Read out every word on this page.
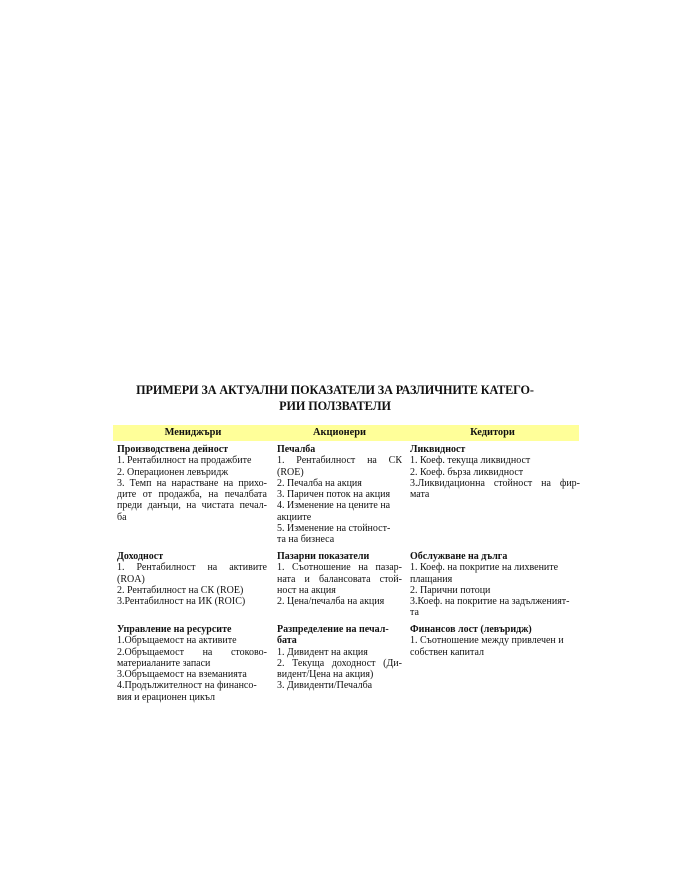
ПРИМЕРИ ЗА АКТУАЛНИ ПОКАЗАТЕЛИ ЗА РАЗЛИЧНИТЕ КАТЕГО-
РИИ ПОЛЗВАТЕЛИ
Мениджъри	Акционери	Кедитори
Производствена дейност
1. Рентабилност на продажбите
2. Операционен левъридж
3. Темп на нарастване на прихо-
дите от продажба, на печалбата
преди данъци, на чистата печал-
ба
Доходност
1. Рентабилност на активите
(ROA)
2. Рентабилност на СК (ROE)
3.Рентабилност на ИК (ROIC)
Управление на ресурсите
1.Обръщаемост на активите
2.Обръщаемост на стоково-
материаланите запаси
3.Обръщаемост на вземанията
4.Продължителност на финансо-
вия и ерационен цикъл
Печалба
1. Рентабилност на СК
(ROE)
2. Печалба на акция
3. Паричен поток на акция
4. Изменение на цените на
акциите
5. Изменение на стойност-
та на бизнеса
Пазарни показатели
1. Съотношение на пазар-
ната и балансовата стой-
ност на акция
2. Цена/печалба на акция
Разпределение на печал-
бата
1. Дивидент на акция
2. Текуща доходност (Ди-
видент/Цена на акция)
3. Дивиденти/Печалба
Ликвидност
1. Коеф. текуща ликвидност
2. Коеф. бърза ликвидност
3.Ликвидационна стойност на фир-
мата
Обслужване на дълга
1. Коеф. на покритие на лихвените
плащания
2. Парични потоци
3.Коеф. на покритие на задълженият-
та
Финансов лост (левъридж)
1. Съотношение между привлечен и
собствен капитал
